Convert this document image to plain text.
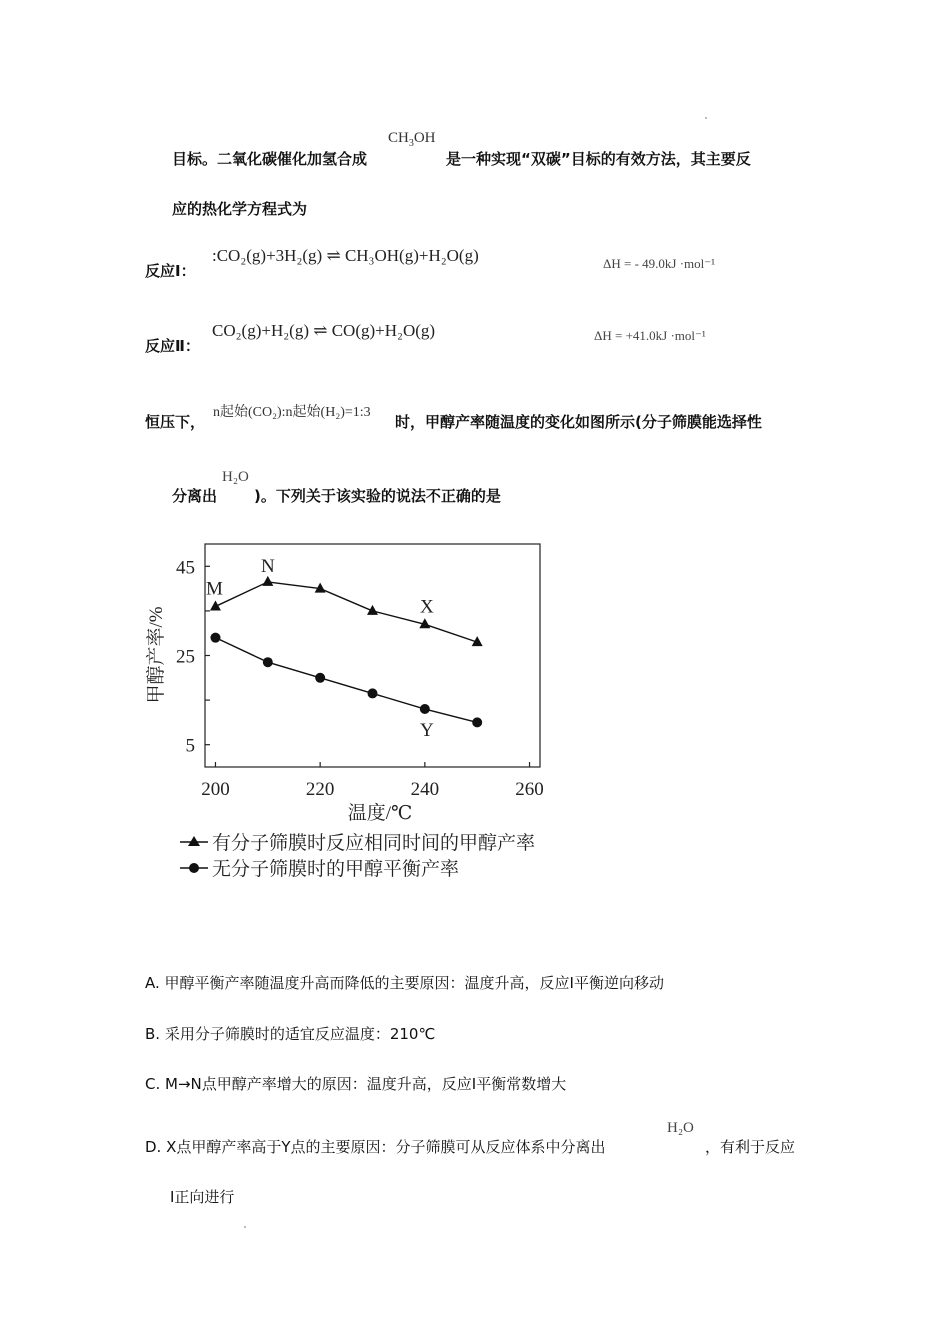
目标。二氧化碳催化加氢合成
$CH_3OH$
是一种实现“双碳”目标的有效方法，其主要反
应的热化学方程式为
反应Ⅰ：
:CO₂(g)+3H₂(g) ⇌ CH₃OH(g)+H₂O(g)	ΔH = - 49.0kJ ·mol⁻¹
反应Ⅱ：
CO₂(g)+H₂(g) ⇌ CO(g)+H₂O(g)	ΔH = +41.0kJ ·mol⁻¹
恒压下，
n起始(CO₂):n起始(H₂)=1:3
时，甲醇产率随温度的变化如图所示(分子筛膜能选择性
分离出
H₂O
)。下列关于该实验的说法不正确的是
200	220	240	260
45
25
5
M
N
X
Y
甲醇产率/%
温度/℃
有分子筛膜时反应相同时间的甲醇产率
无分子筛膜时的甲醇平衡产率
A. 甲醇平衡产率随温度升高而降低的主要原因：温度升高，反应Ⅰ平衡逆向移动
B. 采用分子筛膜时的适宜反应温度：210℃
C. M→N点甲醇产率增大的原因：温度升高，反应Ⅰ平衡常数增大
D. X点甲醇产率高于Y点的主要原因：分子筛膜可从反应体系中分离出
H₂O
，有利于反应
Ⅰ正向进行
